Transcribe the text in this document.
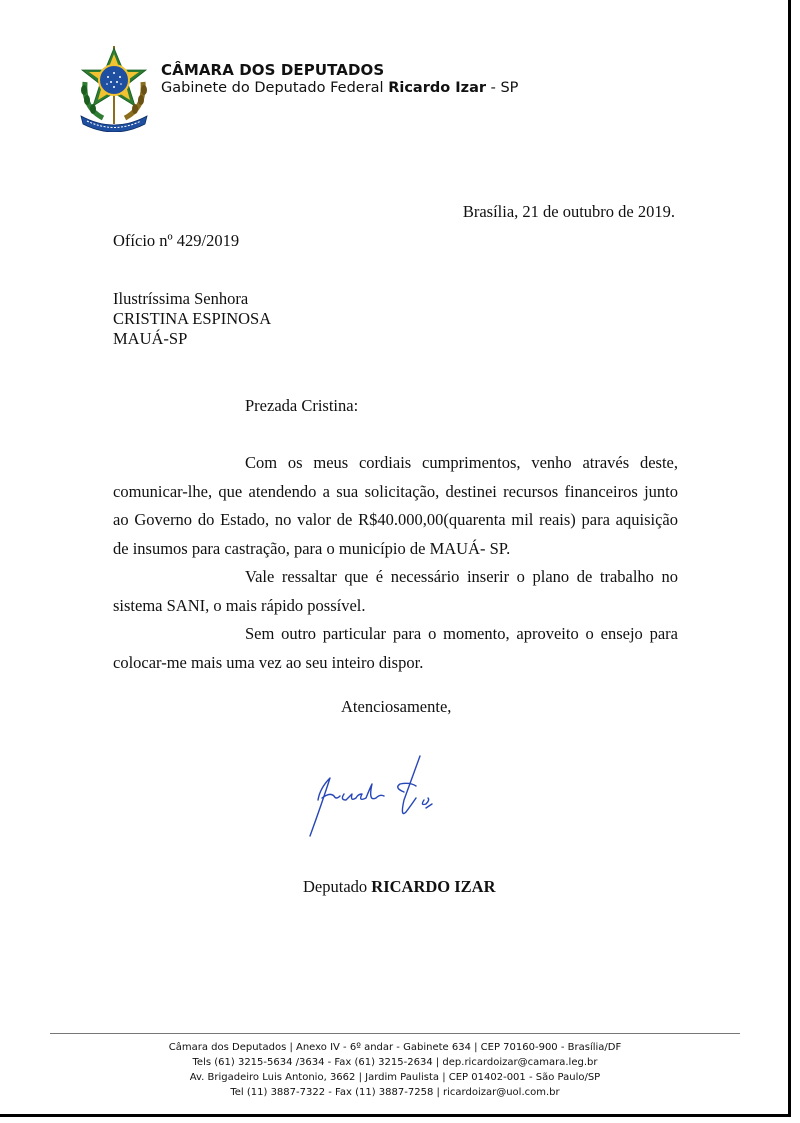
CÂMARA DOS DEPUTADOS
Gabinete do Deputado Federal Ricardo Izar - SP
Brasília, 21 de outubro de 2019.
Ofício nº 429/2019
Ilustríssima Senhora
CRISTINA ESPINOSA
MAUÁ-SP
Prezada Cristina:

Com os meus cordiais cumprimentos, venho através deste, comunicar-lhe, que atendendo a sua solicitação, destinei recursos financeiros junto ao Governo do Estado, no valor de R$40.000,00(quarenta mil reais) para aquisição de insumos para castração, para o município de MAUÁ- SP.

Vale ressaltar que é necessário inserir o plano de trabalho no sistema SANI, o mais rápido possível.

Sem outro particular para o momento, aproveito o ensejo para colocar-me mais uma vez ao seu inteiro dispor.

Atenciosamente,
Deputado RICARDO IZAR
Câmara dos Deputados | Anexo IV - 6º andar - Gabinete 634 | CEP 70160-900 - Brasília/DF
Tels (61) 3215-5634 /3634 - Fax (61) 3215-2634 | dep.ricardoizar@camara.leg.br
Av. Brigadeiro Luis Antonio, 3662 | Jardim Paulista | CEP 01402-001 - São Paulo/SP
Tel (11) 3887-7322 - Fax (11) 3887-7258 | ricardoizar@uol.com.br
